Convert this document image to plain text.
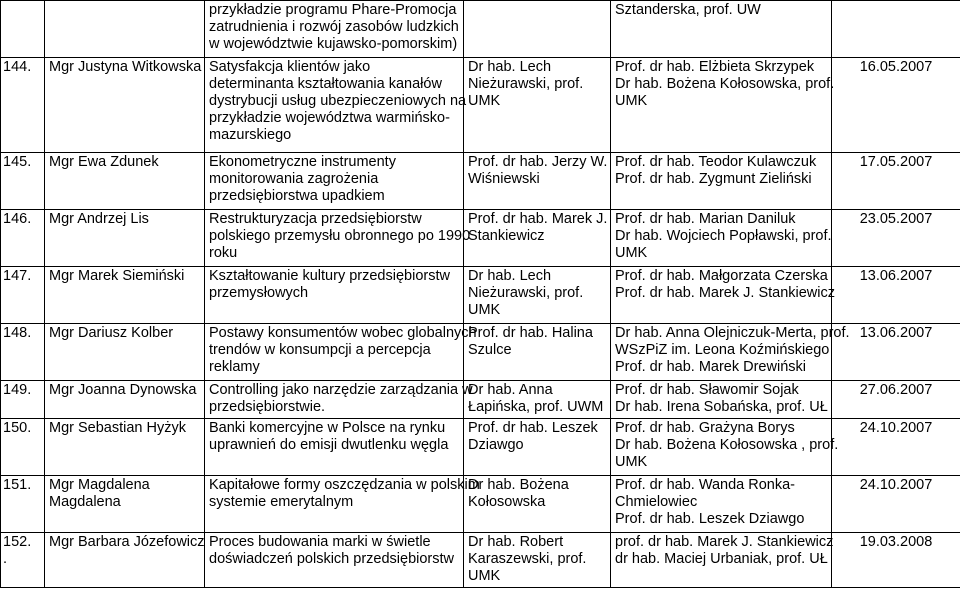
		przykładzie programu Phare-Promocja
zatrudnienia i rozwój zasobów ludzkich
w województwie kujawsko-pomorskim)		Sztanderska, prof. UW	

144.	Mgr Justyna Witkowska	Satysfakcja klientów jako
determinanta kształtowania kanałów
dystrybucji usług ubezpieczeniowych na
przykładzie województwa warmińsko-
mazurskiego	Dr hab. Lech
Nieżurawski, prof.
UMK	Prof. dr hab. Elżbieta Skrzypek
Dr hab. Bożena Kołosowska, prof.
UMK	16.05.2007

145.	Mgr Ewa Zdunek	Ekonometryczne instrumenty
monitorowania zagrożenia
przedsiębiorstwa upadkiem	Prof. dr hab. Jerzy W.
Wiśniewski	Prof. dr hab. Teodor Kulawczuk
Prof. dr hab. Zygmunt Zieliński	17.05.2007

146.	Mgr Andrzej Lis	Restrukturyzacja przedsiębiorstw
polskiego przemysłu obronnego po 1990
roku	Prof. dr hab. Marek J.
Stankiewicz	Prof. dr hab. Marian Daniluk
Dr hab. Wojciech Popławski, prof.
UMK	23.05.2007

147.	Mgr Marek Siemiński	Kształtowanie kultury przedsiębiorstw
przemysłowych	Dr hab. Lech
Nieżurawski, prof.
UMK	Prof. dr hab. Małgorzata Czerska
Prof. dr hab. Marek J. Stankiewicz	13.06.2007

148.	Mgr Dariusz Kolber	Postawy konsumentów wobec globalnych
trendów w konsumpcji a percepcja
reklamy	Prof. dr hab. Halina
Szulce	Dr hab. Anna Olejniczuk-Merta, prof.
WSzPiZ im. Leona Koźmińskiego
Prof. dr hab. Marek Drewiński	13.06.2007

149.	Mgr Joanna Dynowska	Controlling jako narzędzie zarządzania w
przedsiębiorstwie.	Dr hab. Anna
Łapińska, prof. UWM	Prof. dr hab. Sławomir Sojak
Dr hab. Irena Sobańska, prof. UŁ	27.06.2007

150.	Mgr Sebastian Hyżyk	Banki komercyjne w Polsce na rynku
uprawnień do emisji dwutlenku węgla	Prof. dr hab. Leszek
Dziawgo	Prof. dr hab. Grażyna Borys
Dr hab. Bożena Kołosowska , prof.
UMK	24.10.2007

151.	Mgr Magdalena
Magdalena	Kapitałowe formy oszczędzania w polskim
systemie emerytalnym	Dr hab. Bożena
Kołosowska	Prof. dr hab. Wanda Ronka-
Chmielowiec
Prof. dr hab. Leszek Dziawgo	24.10.2007

152.
.	Mgr Barbara Józefowicz	Proces budowania marki w świetle
doświadczeń polskich przedsiębiorstw	Dr hab. Robert
Karaszewski, prof.
UMK	prof. dr hab. Marek J. Stankiewicz
dr hab. Maciej Urbaniak, prof. UŁ	19.03.2008
